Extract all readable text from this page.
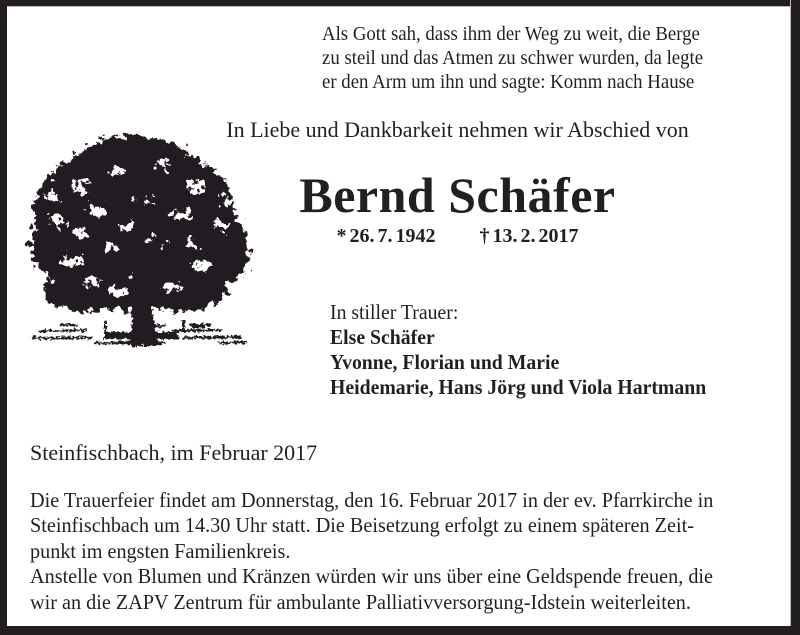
Als Gott sah, dass ihm der Weg zu weit, die Berge
zu steil und das Atmen zu schwer wurden, da legte
er den Arm um ihn und sagte: Komm nach Hause
In Liebe und Dankbarkeit nehmen wir Abschied von
Bernd Schäfer
* 26. 7. 1942 † 13. 2. 2017
In stiller Trauer:
Else Schäfer
Yvonne, Florian und Marie
Heidemarie, Hans Jörg und Viola Hartmann
Steinfischbach, im Februar 2017
Die Trauerfeier findet am Donnerstag, den 16. Februar 2017 in der ev. Pfarrkirche in
Steinfischbach um 14.30 Uhr statt. Die Beisetzung erfolgt zu einem späteren Zeit-
punkt im engsten Familienkreis.
Anstelle von Blumen und Kränzen würden wir uns über eine Geldspende freuen, die
wir an die ZAPV Zentrum für ambulante Palliativversorgung-Idstein weiterleiten.
